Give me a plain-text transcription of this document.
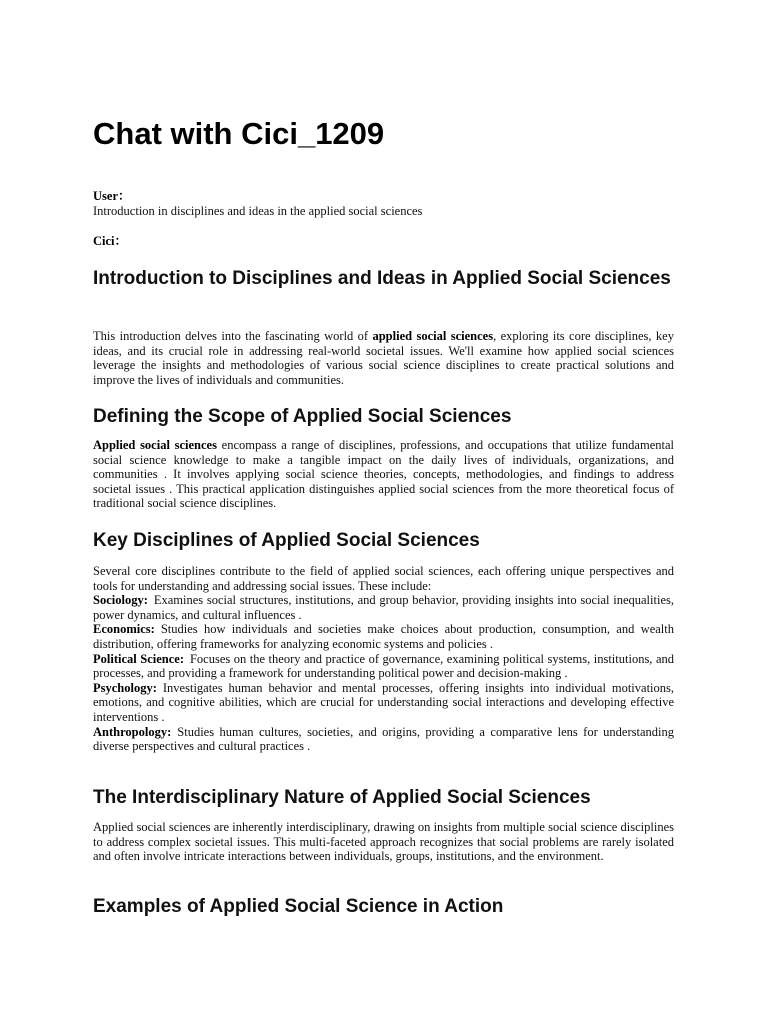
Chat with Cici_1209
User：
Introduction in disciplines and ideas in the applied social sciences
Cici：
Introduction to Disciplines and Ideas in Applied Social Sciences

This introduction delves into the fascinating world of applied social sciences, exploring its core disciplines, key ideas, and its crucial role in addressing real-world societal issues. We'll examine how applied social sciences leverage the insights and methodologies of various social science disciplines to create practical solutions and improve the lives of individuals and communities.

Defining the Scope of Applied Social Sciences

Applied social sciences encompass a range of disciplines, professions, and occupations that utilize fundamental social science knowledge to make a tangible impact on the daily lives of individuals, organizations, and communities . It involves applying social science theories, concepts, methodologies, and findings to address societal issues . This practical application distinguishes applied social sciences from the more theoretical focus of traditional social science disciplines.

Key Disciplines of Applied Social Sciences

Several core disciplines contribute to the field of applied social sciences, each offering unique perspectives and tools for understanding and addressing social issues. These include:

Sociology: Examines social structures, institutions, and group behavior, providing insights into social inequalities, power dynamics, and cultural influences .

Economics: Studies how individuals and societies make choices about production, consumption, and wealth distribution, offering frameworks for analyzing economic systems and policies .

Political Science: Focuses on the theory and practice of governance, examining political systems, institutions, and processes, and providing a framework for understanding political power and decision-making .

Psychology: Investigates human behavior and mental processes, offering insights into individual motivations, emotions, and cognitive abilities, which are crucial for understanding social interactions and developing effective interventions .

Anthropology: Studies human cultures, societies, and origins, providing a comparative lens for understanding diverse perspectives and cultural practices .

The Interdisciplinary Nature of Applied Social Sciences

Applied social sciences are inherently interdisciplinary, drawing on insights from multiple social science disciplines to address complex societal issues. This multi-faceted approach recognizes that social problems are rarely isolated and often involve intricate interactions between individuals, groups, institutions, and the environment.

Examples of Applied Social Science in Action
